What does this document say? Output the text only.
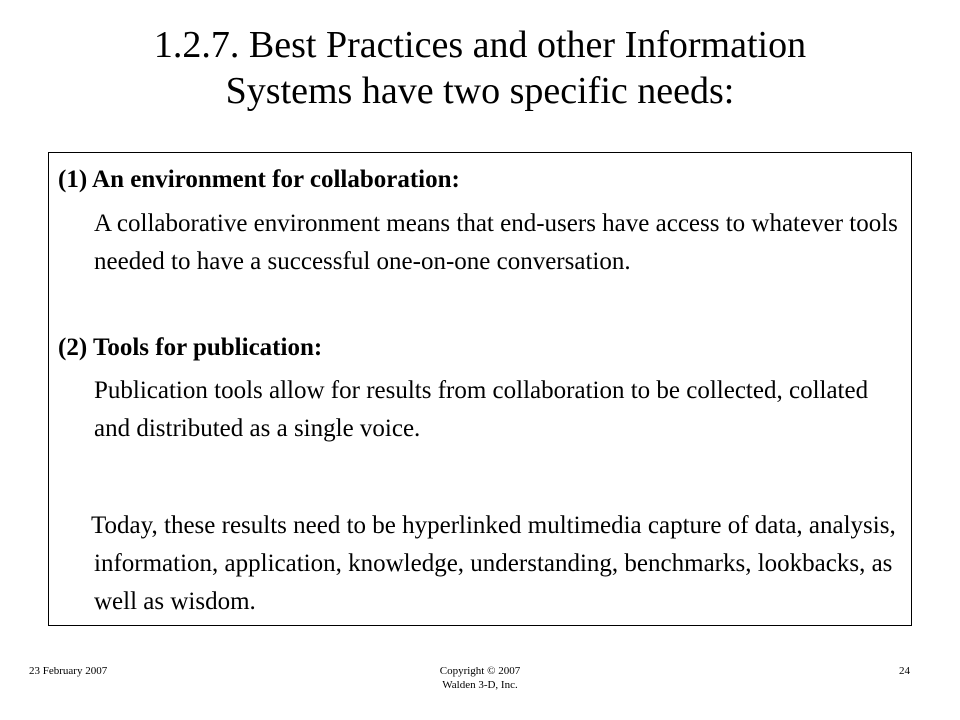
1.2.7. Best Practices and other Information
Systems have two specific needs:
(1) An environment for collaboration:

A collaborative environment means that end-users have access to whatever tools needed to have a successful one-on-one conversation.

(2) Tools for publication:

Publication tools allow for results from collaboration to be collected, collated and distributed as a single voice.

Today, these results need to be hyperlinked multimedia capture of data, analysis, information, application, knowledge, understanding, benchmarks, lookbacks, as well as wisdom.

23 February 2007	Copyright © 2007
Walden 3-D, Inc.
24
